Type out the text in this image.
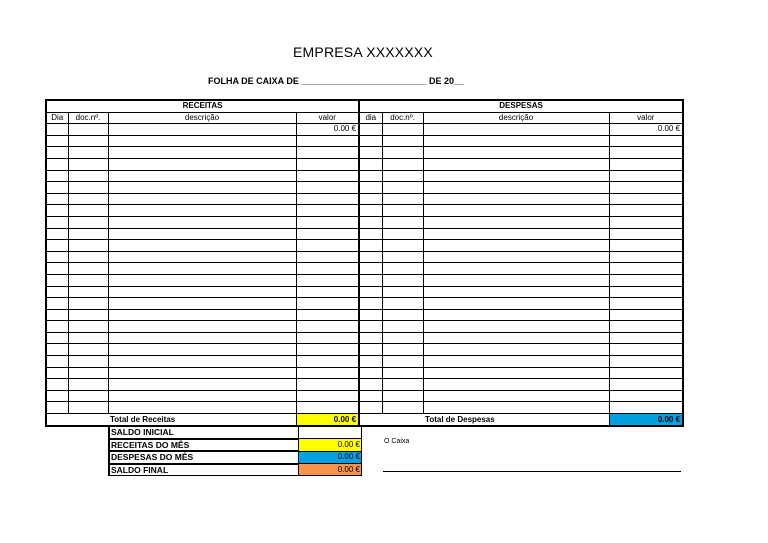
EMPRESA XXXXXXX
FOLHA DE CAIXA DE _________________________ DE 20__
RECEITAS				DESPESAS			
Dia	doc.nº.	descrição	valor	dia	doc.nº.	descrição	valor
			0.00 €				0.00 €

		Total de Receitas	0.00 €			Total de Despesas	0.00 €
SALDO INICIAL	
RECEITAS DO MÊS	0.00 €
DESPESAS DO MÊS	0.00 €
SALDO FINAL	0.00 €
O Caixa
